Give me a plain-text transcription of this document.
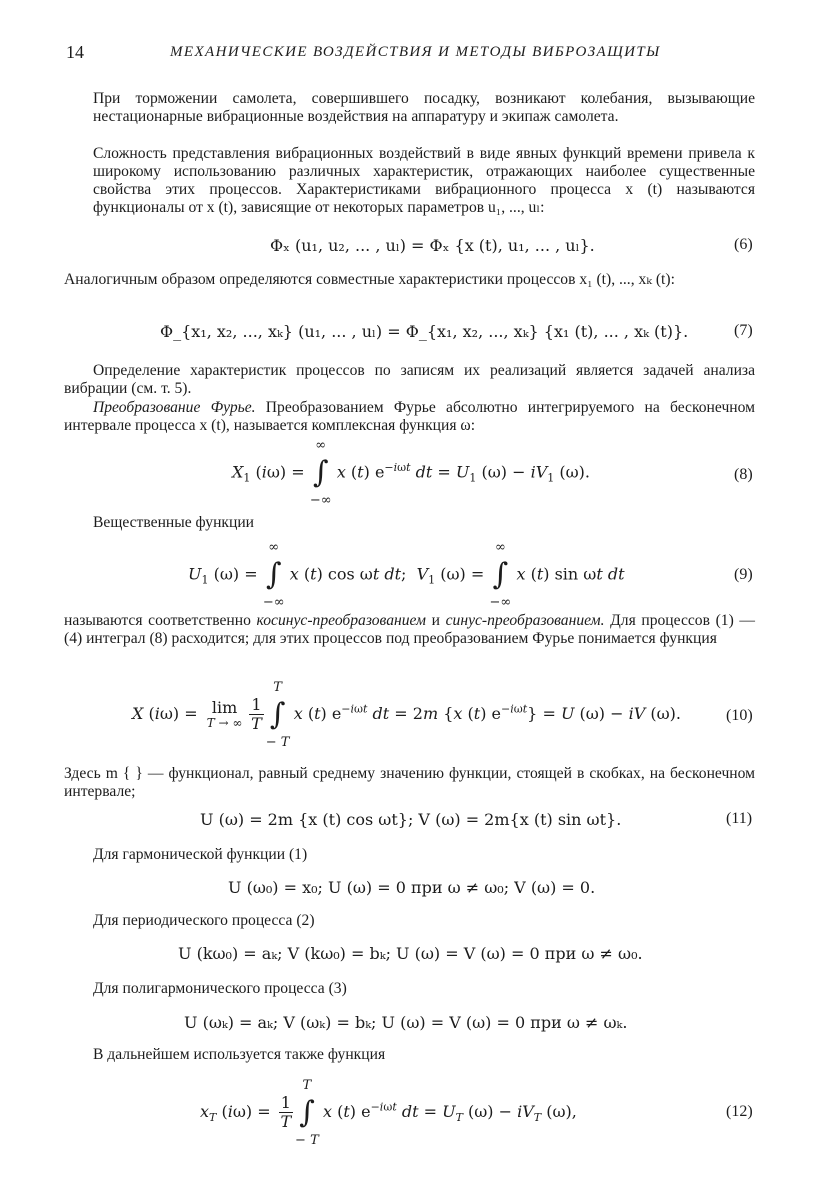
14	МЕХАНИЧЕСКИЕ ВОЗДЕЙСТВИЯ И МЕТОДЫ ВИБРОЗАЩИТЫ
При торможении самолета, совершившего посадку, возникают колебания, вызывающие нестационарные вибрационные воздействия на аппаратуру и экипаж самолета.
Сложность представления вибрационных воздействий в виде явных функций времени привела к широкому использованию различных характеристик, отражающих наиболее существенные свойства этих процессов. Характеристиками вибрационного процесса x (t) называются функционалы от x (t), зависящие от некоторых параметров u₁, ..., uₗ:
Φₓ (u₁, u₂, ... , uₗ) = Φₓ {x (t), u₁, ... , uₗ}.	(6)
Аналогичным образом определяются совместные характеристики процессов x₁ (t), ..., xₖ (t):
Φ_{x₁, x₂, ..., xₖ} (u₁, ... , uₗ) = Φ_{x₁, x₂, ..., xₖ} {x₁ (t), ... , xₖ (t)}.	(7)
Определение характеристик процессов по записям их реализаций является задачей анализа вибрации (см. т. 5).
Преобразование Фурье. Преобразованием Фурье абсолютно интегрируемого на бесконечном интервале процесса x (t), называется комплексная функция ω:
$X_1$ (iω) =
∞
∫
−∞
x (t) $e^{-i\omega t}$ dt = $U_1$ $(\omega) - iV_1$ (ω).	(8)
Вещественные функции
$U_1$ (ω) =
∞
∫
−∞
x (t) cos ωt dt;  $V_1$ (ω) =
∞
∫
−∞
x (t) sin ωt dt	(9)
называются соответственно косинус-преобразованием и синус-преобразованием. Для процессов (1) — (4) интеграл (8) расходится; для этих процессов под преобразованием Фурье понимается функция
X (iω) = lim
T → ∞ $\frac{1}{T}$
T
∫
− T
x (t) $e^{-i\omega t}$ dt = 2m {x (t) $e^{-i\omega t}\} = U$ (ω) − iV (ω).	(10)
Здесь m { } — функционал, равный среднему значению функции, стоящей в скобках, на бесконечном интервале;
U (ω) = 2m {x (t) cos ωt}; V (ω) = 2m{x (t) sin ωt}.	(11)
Для гармонической функции (1)
U (ω₀) = x₀; U (ω) = 0 при ω ≠ ω₀; V (ω) = 0.
Для периодического процесса (2)
U (kω₀) = aₖ; V (kω₀) = bₖ; U (ω) = V (ω) = 0 при ω ≠ ω₀.
Для полигармонического процесса (3)
U (ωₖ) = aₖ; V (ωₖ) = bₖ; U (ω) = V (ω) = 0 при ω ≠ ωₖ.
В дальнейшем используется также функция
$x_T$ $(i\omega) = \frac{1}{T}$
T
∫
− T
x (t) $e^{-i\omega t}$ dt = $U_T$ $(\omega) - iV_T$ (ω),	(12)
